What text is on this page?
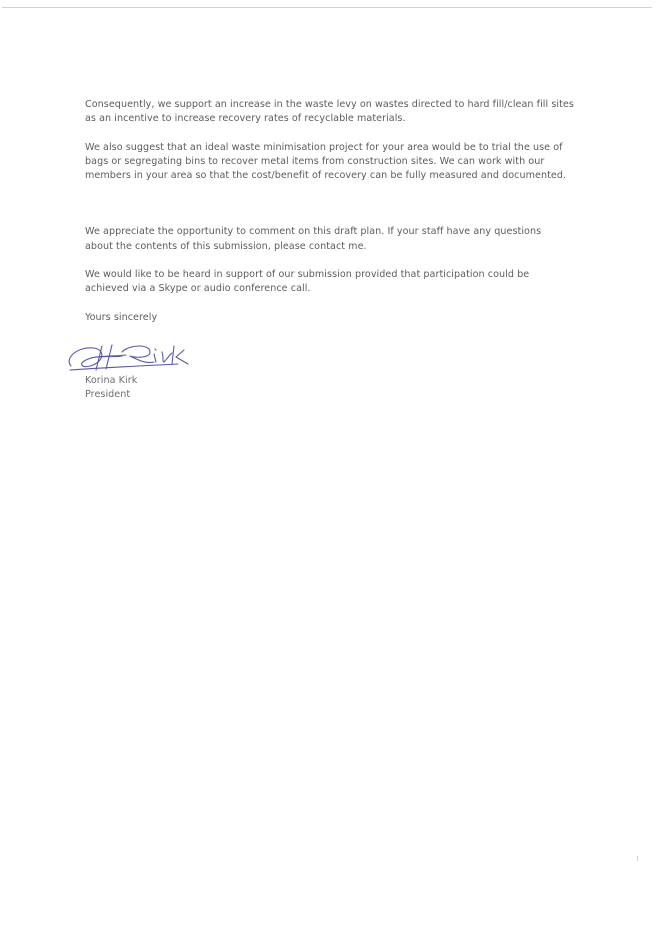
Consequently, we support an increase in the waste levy on wastes directed to hard fill/clean fill sites
as an incentive to increase recovery rates of recyclable materials.

We also suggest that an ideal waste minimisation project for your area would be to trial the use of
bags or segregating bins to recover metal items from construction sites. We can work with our
members in your area so that the cost/benefit of recovery can be fully measured and documented.

We appreciate the opportunity to comment on this draft plan. If your staff have any questions
about the contents of this submission, please contact me.

We would like to be heard in support of our submission provided that participation could be
achieved via a Skype or audio conference call.

Yours sincerely

Korina Kirk
President
